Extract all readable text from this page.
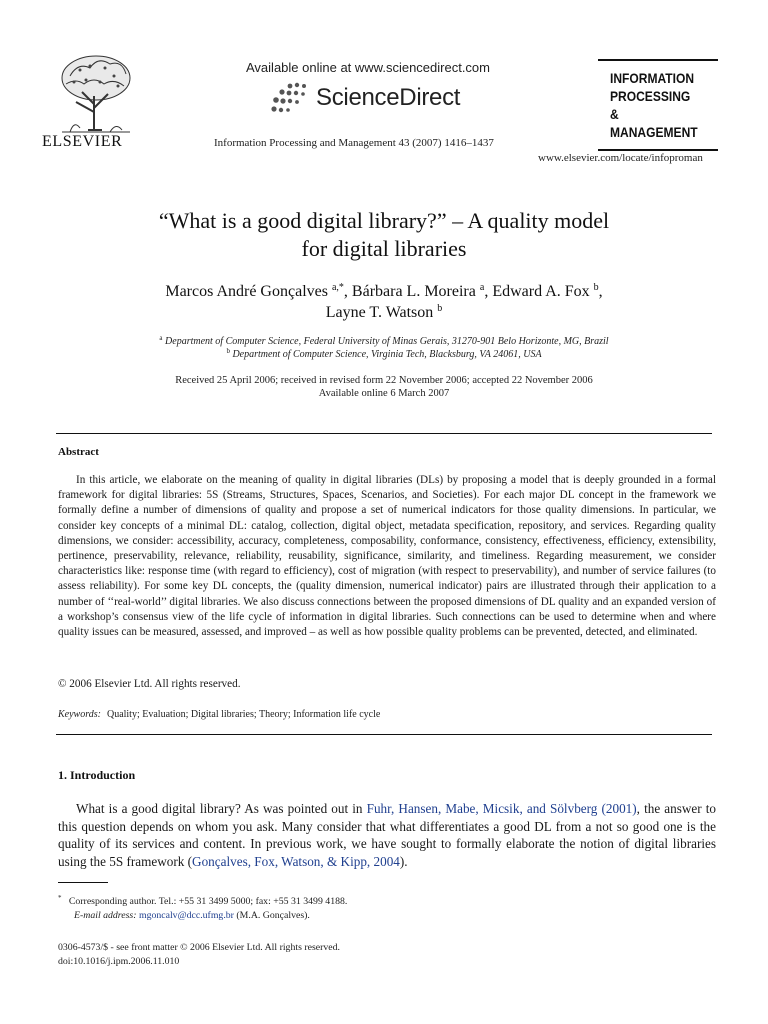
Available online at www.sciencedirect.com
ScienceDirect
ELSEVIER	Information Processing and Management 43 (2007) 1416–1437
INFORMATION
PROCESSING
&
MANAGEMENT
www.elsevier.com/locate/infoproman
“What is a good digital library?” – A quality model
for digital libraries
Marcos André Gonçalves $^{a,*}$, Bárbara L. Moreira $^a$, Edward A. Fox $^b$,
Layne T. Watson $^b$
$^a$ Department of Computer Science, Federal University of Minas Gerais, 31270-901 Belo Horizonte, MG, Brazil
$^b$ Department of Computer Science, Virginia Tech, Blacksburg, VA 24061, USA
Received 25 April 2006; received in revised form 22 November 2006; accepted 22 November 2006
Available online 6 March 2007
Abstract
In this article, we elaborate on the meaning of quality in digital libraries (DLs) by proposing a model that is deeply grounded in a formal framework for digital libraries: 5S (Streams, Structures, Spaces, Scenarios, and Societies). For each major DL concept in the framework we formally define a number of dimensions of quality and propose a set of numerical indicators for those quality dimensions. In particular, we consider key concepts of a minimal DL: catalog, collection, digital object, metadata specification, repository, and services. Regarding quality dimensions, we consider: accessibility, accuracy, completeness, composability, conformance, consistency, effectiveness, efficiency, extensibility, pertinence, preservability, relevance, reliability, reusability, significance, similarity, and timeliness. Regarding measurement, we consider characteristics like: response time (with regard to efficiency), cost of migration (with respect to preservability), and number of service failures (to assess reliability). For some key DL concepts, the (quality dimension, numerical indicator) pairs are illustrated through their application to a number of ‘‘real-world’’ digital libraries. We also discuss connections between the proposed dimensions of DL quality and an expanded version of a workshop’s consensus view of the life cycle of information in digital libraries. Such connections can be used to determine when and where quality issues can be measured, assessed, and improved – as well as how possible quality problems can be prevented, detected, and eliminated.
© 2006 Elsevier Ltd. All rights reserved.
Keywords: Quality; Evaluation; Digital libraries; Theory; Information life cycle
1. Introduction
What is a good digital library? As was pointed out in Fuhr, Hansen, Mabe, Micsik, and Sölvberg (2001), the answer to this question depends on whom you ask. Many consider that what differentiates a good DL from a not so good one is the quality of its services and content. In previous work, we have sought to formally elaborate the notion of digital libraries using the 5S framework (Gonçalves, Fox, Watson, & Kipp, 2004).
* Corresponding author. Tel.: +55 31 3499 5000; fax: +55 31 3499 4188.
E-mail address: mgoncalv@dcc.ufmg.br (M.A. Gonçalves).
0306-4573/$ - see front matter © 2006 Elsevier Ltd. All rights reserved.
doi:10.1016/j.ipm.2006.11.010
